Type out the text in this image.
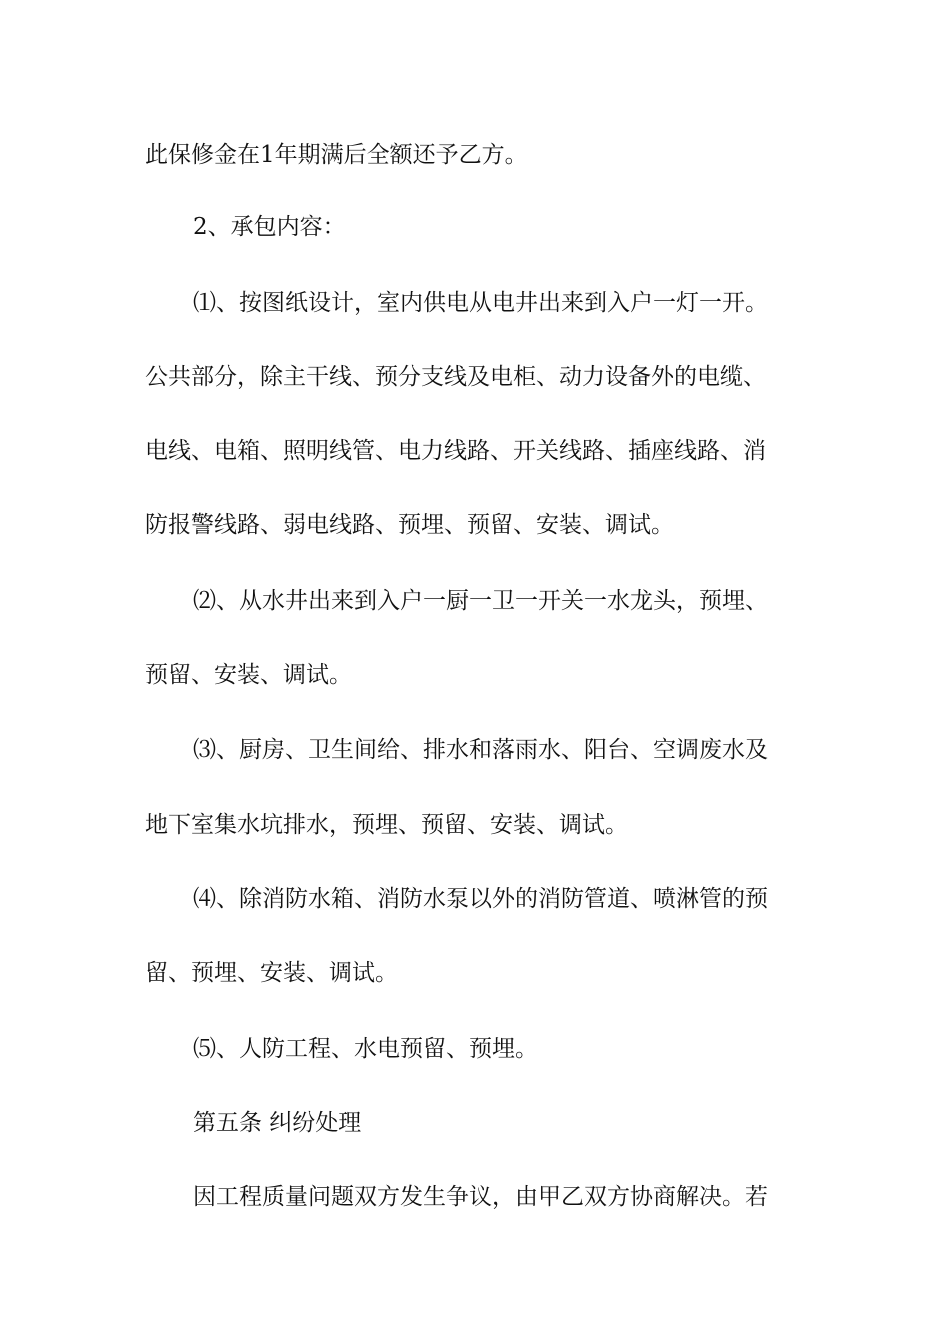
此保修金在1年期满后全额还予乙方。
2、承包内容：
⑴、按图纸设计，室内供电从电井出来到入户一灯一开。
公共部分，除主干线、预分支线及电柜、动力设备外的电缆、
电线、电箱、照明线管、电力线路、开关线路、插座线路、消
防报警线路、弱电线路、预埋、预留、安装、调试。
⑵、从水井出来到入户一厨一卫一开关一水龙头，预埋、
预留、安装、调试。
⑶、厨房、卫生间给、排水和落雨水、阳台、空调废水及
地下室集水坑排水，预埋、预留、安装、调试。
⑷、除消防水箱、消防水泵以外的消防管道、喷淋管的预
留、预埋、安装、调试。
⑸、人防工程、水电预留、预埋。
第五条 纠纷处理
因工程质量问题双方发生争议，由甲乙双方协商解决。若
